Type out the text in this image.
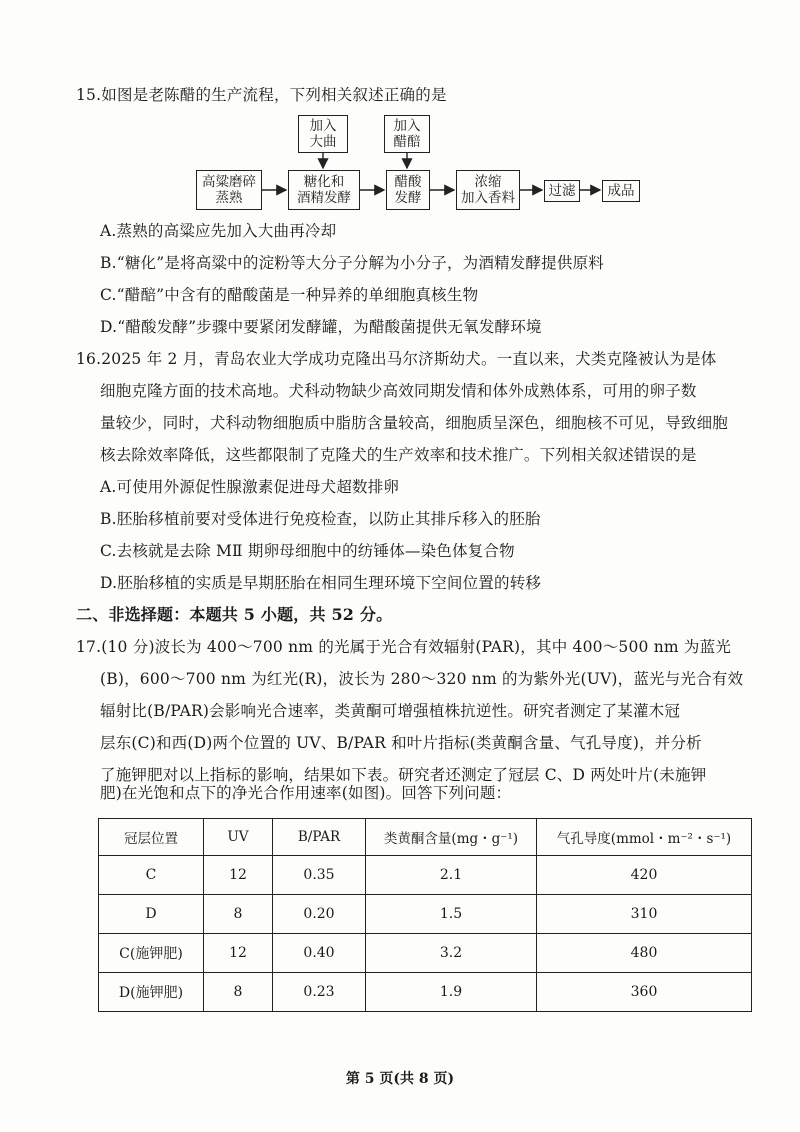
15.如图是老陈醋的生产流程，下列相关叙述正确的是
加入
大曲
加入
醋醅
高粱磨碎
蒸熟
糖化和
酒精发酵
醋酸
发酵
浓缩
加入香料 过滤 成品
A.蒸熟的高粱应先加入大曲再冷却
B.“糖化”是将高粱中的淀粉等大分子分解为小分子，为酒精发酵提供原料
C.“醋醅”中含有的醋酸菌是一种异养的单细胞真核生物
D.“醋酸发酵”步骤中要紧闭发酵罐，为醋酸菌提供无氧发酵环境
16.2025 年 2 月，青岛农业大学成功克隆出马尔济斯幼犬。一直以来，犬类克隆被认为是体
细胞克隆方面的技术高地。犬科动物缺少高效同期发情和体外成熟体系，可用的卵子数
量较少，同时，犬科动物细胞质中脂肪含量较高，细胞质呈深色，细胞核不可见，导致细胞
核去除效率降低，这些都限制了克隆犬的生产效率和技术推广。下列相关叙述错误的是
A.可使用外源促性腺激素促进母犬超数排卵
B.胚胎移植前要对受体进行免疫检查，以防止其排斥移入的胚胎
C.去核就是去除 MⅡ 期卵母细胞中的纺锤体—染色体复合物
D.胚胎移植的实质是早期胚胎在相同生理环境下空间位置的转移
二、非选择题：本题共 5 小题，共 52 分。
17.(10 分)波长为 400～700 nm 的光属于光合有效辐射(PAR)，其中 400～500 nm 为蓝光
(B)，600～700 nm 为红光(R)，波长为 280～320 nm 的为紫外光(UV)，蓝光与光合有效
辐射比(B/PAR)会影响光合速率，类黄酮可增强植株抗逆性。研究者测定了某灌木冠
层东(C)和西(D)两个位置的 UV、B/PAR 和叶片指标(类黄酮含量、气孔导度)，并分析
了施钾肥对以上指标的影响，结果如下表。研究者还测定了冠层 C、D 两处叶片(未施钾
肥)在光饱和点下的净光合作用速率(如图)。回答下列问题：
冠层位置	UV	B/PAR	类黄酮含量(mg・g⁻¹)	气孔导度(mmol・m⁻²・s⁻¹)
C	12	0.35	2.1	420
D	8	0.20	1.5	310
C(施钾肥)	12	0.40	3.2	480
D(施钾肥)	8	0.23	1.9	360
第 5 页(共 8 页)
